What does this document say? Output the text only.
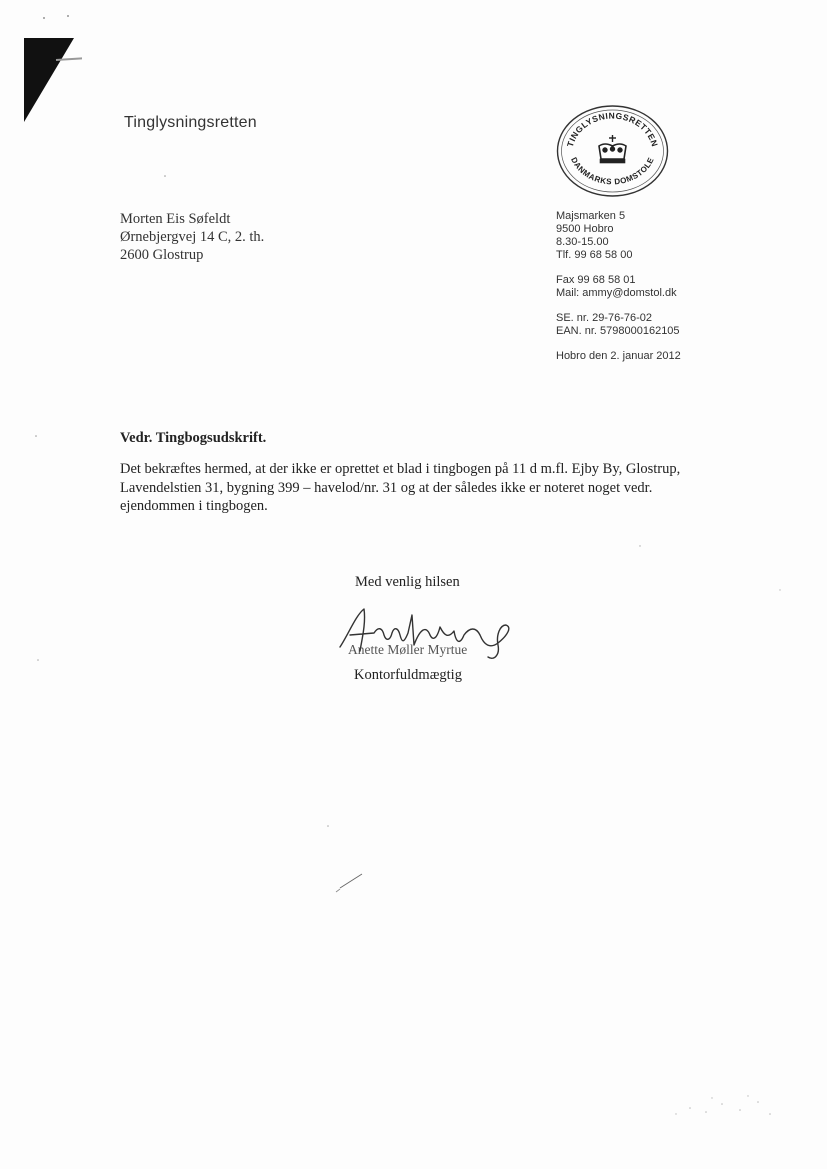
Tinglysningsretten
TINGLYSNINGSRETTEN
DANMARKS DOMSTOLE
Morten Eis Søfeldt
Ørnebjergvej 14 C, 2. th.
2600 Glostrup
Majsmarken 5
9500 Hobro
8.30-15.00
Tlf. 99 68 58 00
Fax 99 68 58 01
Mail: ammy@domstol.dk
SE. nr. 29-76-76-02
EAN. nr. 5798000162105
Hobro den 2. januar 2012
Vedr. Tingbogsudskrift.
Det bekræftes hermed, at der ikke er oprettet et blad i tingbogen på 11 d m.fl. Ejby By, Glostrup,
Lavendelstien 31, bygning 399 – havelod/nr. 31 og at der således ikke er noteret noget vedr.
ejendommen i tingbogen.
Med venlig hilsen
Anette Møller Myrtue
Kontorfuldmægtig
